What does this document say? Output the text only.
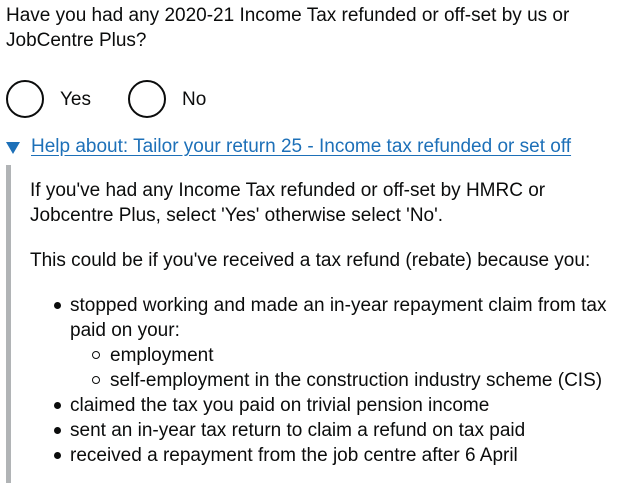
Have you had any 2020-21 Income Tax refunded or off-set by us or JobCentre Plus?

Yes	No
Help about: Tailor your return 25 - Income tax refunded or set off

If you've had any Income Tax refunded or off-set by HMRC or Jobcentre Plus, select 'Yes' otherwise select 'No'.

This could be if you've received a tax refund (rebate) because you:

stopped working and made an in-year repayment claim from tax paid on your:
employment
self-employment in the construction industry scheme (CIS)
claimed the tax you paid on trivial pension income
sent an in-year tax return to claim a refund on tax paid
received a repayment from the job centre after 6 April
